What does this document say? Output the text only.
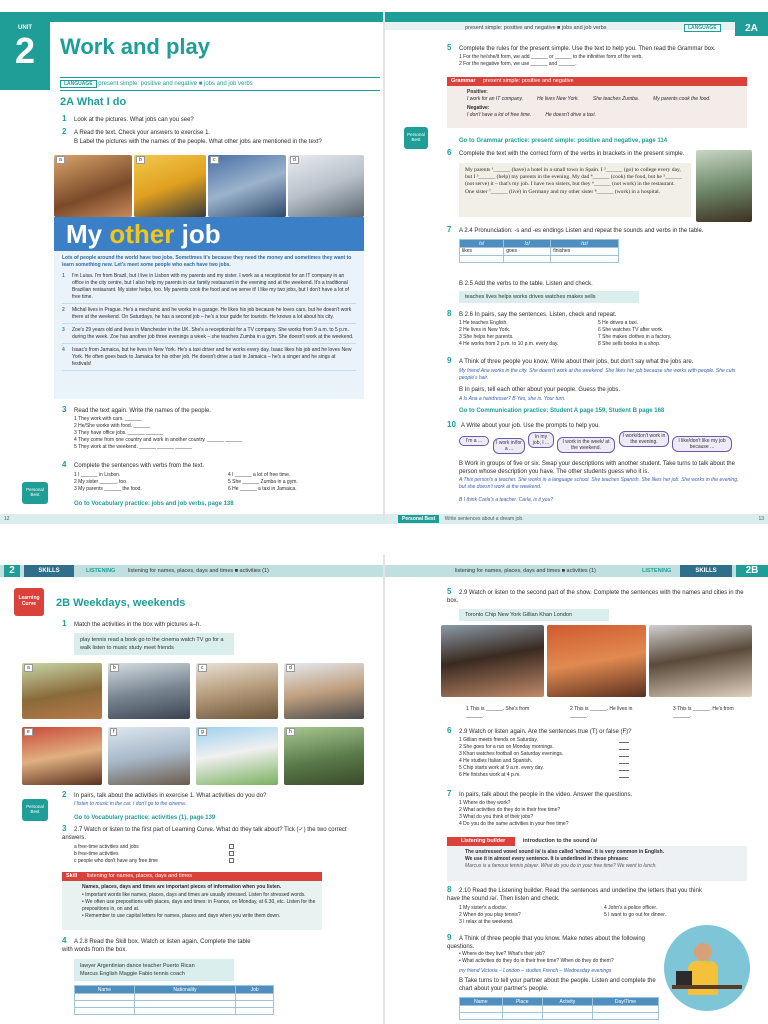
UNIT
2	Work and play
LANGUAGE present simple: positive and negative ■ jobs and job verbs
present simple: positive and negative ■ jobs and job verbs	LANGUAGE	2A
2A What I do
1 Look at the pictures. What jobs can you see?
2 A Read the text. Check your answers to exercise 1.
B Label the pictures with the names of the people. What other jobs are mentioned in the text?
a	b	c	d
My other job
Lots of people around the world have two jobs. Sometimes it's because they need the money and sometimes they want to learn something new. Let's meet some people who each have two jobs.
1	I'm Luisa. I'm from Brazil, but I live in Lisbon with my parents and my sister. I work as a receptionist for an IT company in an office in the city centre, but I also help my parents in our family restaurant in the evening and at the weekend. It's a traditional Brazilian restaurant. My sister helps, too. My parents cook the food and we serve it! I like my two jobs, but I don't have a lot of free time.
2	Michal lives in Prague. He's a mechanic and he works in a garage. He likes his job because he loves cars, but he doesn't work there at the weekend. On Saturdays, he has a second job – he's a tour guide for tourists. He knows a lot about his city.
3	Zoe's 29 years old and lives in Manchester in the UK. She's a receptionist for a TV company. She works from 9 a.m. to 5 p.m. during the week. Zoe has another job three evenings a week – she teaches Zumba in a gym. She doesn't work at the weekend.
4	Isaac's from Jamaica, but he lives in New York. He's a taxi driver and he works every day. Isaac likes his job and he loves New York. He often goes back to Jamaica for his other job. He doesn't drive a taxi in Jamaica – he's a singer and he sings at festivals!
3 Read the text again. Write the names of the people.
1 They work with cars. ______
2 He/She works with food. ______
3 They have office jobs. ______ ______
4 They come from one country and work in another country. ______ ______
5 They work at the weekend. ______ ______ ______
4 Complete the sentences with verbs from the text.
1 I ______ in Lisbon.
2 My sister ______, too.
3 My parents ______ the food.
4 I ______ a lot of free time.
5 She ______ Zumba in a gym.
6 He ______ a taxi in Jamaica.
Go to Vocabulary practice: jobs and job verbs, page 138
Personal Best
12
5 Complete the rules for the present simple. Use the text to help you. Then read the Grammar box.
1 For the he/she/it form, we add ______ or ______ to the infinitive form of the verb.
2 For the negative form, we use ______ and ______.
Grammar present simple: positive and negative
Positive:
I work for an IT company.	He lives New York.	She teaches Zumba.	My parents cook the food.
Negative:
I don't have a lot of free time.	He doesn't drive a taxi.
Personal Best	Go to Grammar practice: present simple: positive and negative, page 114
6 Complete the text with the correct form of the verbs in brackets in the present simple.
My parents ¹______ (have) a hotel in a small town in Spain. I ²______ (go) to college every day, but I ³______ (help) my parents in the evening. My dad ⁴______ (cook) the food, but he ⁵______ (not serve) it – that's my job. I have two sisters, but they ⁶______ (not work) in the restaurant. One sister ⁷______ (live) in Germany and my other sister ⁸______ (work) in a hospital.
7 A 2.4 Pronunciation: -s and -es endings Listen and repeat the sounds and verbs in the table.
/s/	/z/	/ɪz/
likes	goes	finishes

B 2.5 Add the verbs to the table. Listen and check.
teaches lives helps works drives watches makes sells
8 B 2.6 In pairs, say the sentences. Listen, check and repeat.
1 He teaches English.
2 He lives in New York.
3 She helps her parents.
4 He works from 2 p.m. to 10 p.m. every day.
5 He drives a taxi.
6 She watches TV after work.
7 She makes clothes in a factory.
8 She sells books in a shop.
9 A Think of three people you know. Write about their jobs, but don't say what the jobs are.
My friend Ana works in the city. She doesn't work at the weekend. She likes her job because she works with people. She cuts people's hair.
B In pairs, tell each other about your people. Guess the jobs.
A Is Ana a hairdresser? B Yes, she is. Your turn.
Go to Communication practice: Student A page 159, Student B page 168
10 A Write about your job. Use the prompts to help you.
I'm a ...	I work in/for a ...
In my job, I ...	I work in the week/ at the weekend.
I work/don't work in the evening.	I like/don't like my job because ...
B Work in groups of five or six. Swap your descriptions with another student. Take turns to talk about the person whose description you have. The other students guess who it is.
A This person's a teacher. She works in a language school. She teaches Spanish. She likes her job. She works in the evening, but she doesn't work at the weekend.
B I think Carla's a teacher. Carla, is it you?
Personal Best Write sentences about a dream job.	13
2	SKILLS	LISTENING listening for names, places, days and times ■ activities (1)	listening for names, places, days and times ■ activities (1)	LISTENING	SKILLS	2B
Learning Curve	2B Weekdays, weekends
1 Match the activities in the box with pictures a–h.
play tennis read a book go to the cinema watch TV go for a walk listen to music study meet friends
a	b	c	d
e	f	g	h
2 In pairs, talk about the activities in exercise 1. What activities do you do?
I listen to music in the car. I don't go to the cinema.
Go to Vocabulary practice: activities (1), page 139
Personal Best
3 2.7 Watch or listen to the first part of Learning Curve. What do they talk about? Tick (✓) the two correct answers.
a free-time activities and jobs
b free-time activities
c people who don't have any free time
Skill listening for names, places, days and times
Names, places, days and times are important pieces of information when you listen.
• Important words like names, places, days and times are usually stressed. Listen for stressed words.
• We often use prepositions with places, days and times: in France, on Monday, at 6.30, etc. Listen for the prepositions in, on and at.
• Remember to use capital letters for names, places and days when you write them down.
4 A 2.8 Read the Skill box. Watch or listen again. Complete the table with words from the box.
lawyer Argentinian dance teacher Puerto Rican
Marcus English Maggie Fabio tennis coach
Name	Nationality	Job

5 2.9 Watch or listen to the second part of the show. Complete the sentences with the names and cities in the box.
Toronto Chip New York Gillian Khan London
1 This is ______. She's from ______.
2 This is ______. He lives in ______.
3 This is ______. He's from ______.
6 2.9 Watch or listen again. Are the sentences true (T) or false (F)?
1 Gillian meets friends on Saturday.
2 She goes for a run on Monday mornings.
3 Khan watches football on Saturday evenings.
4 He studies Italian and Spanish.
5 Chip starts work at 9 a.m. every day.
6 He finishes work at 4 p.m.
7 In pairs, talk about the people in the video. Answer the questions.
1 Where do they work?
2 What activities do they do in their free time?
3 What do you think of their jobs?
4 Do you do the same activities in your free time?
Listening builder	introduction to the sound /ə/
The unstressed vowel sound /ə/ is also called 'schwa'. It is very common in English.
We use it in almost every sentence. It is underlined in these phrases:
Marcus is a famous tennis player. What do you do in your free time? We went to lunch.
8 2.10 Read the Listening builder. Read the sentences and underline the letters that you think have the sound /ə/. Then listen and check.
1 My sister's a doctor.
2 When do you play tennis?
3 I relax at the weekend.
4 John's a police officer.
5 I want to go out for dinner.
9 A Think of three people that you know. Make notes about the following questions.
• Where do they live? What's their job?
• What activities do they do in their free time? When do they do them?
my friend Victoria – London – studies French – Wednesday evenings
B Take turns to tell your partner about the people. Listen and complete the chart about your partner's people.
Name	Place	Activity	Day/Time
